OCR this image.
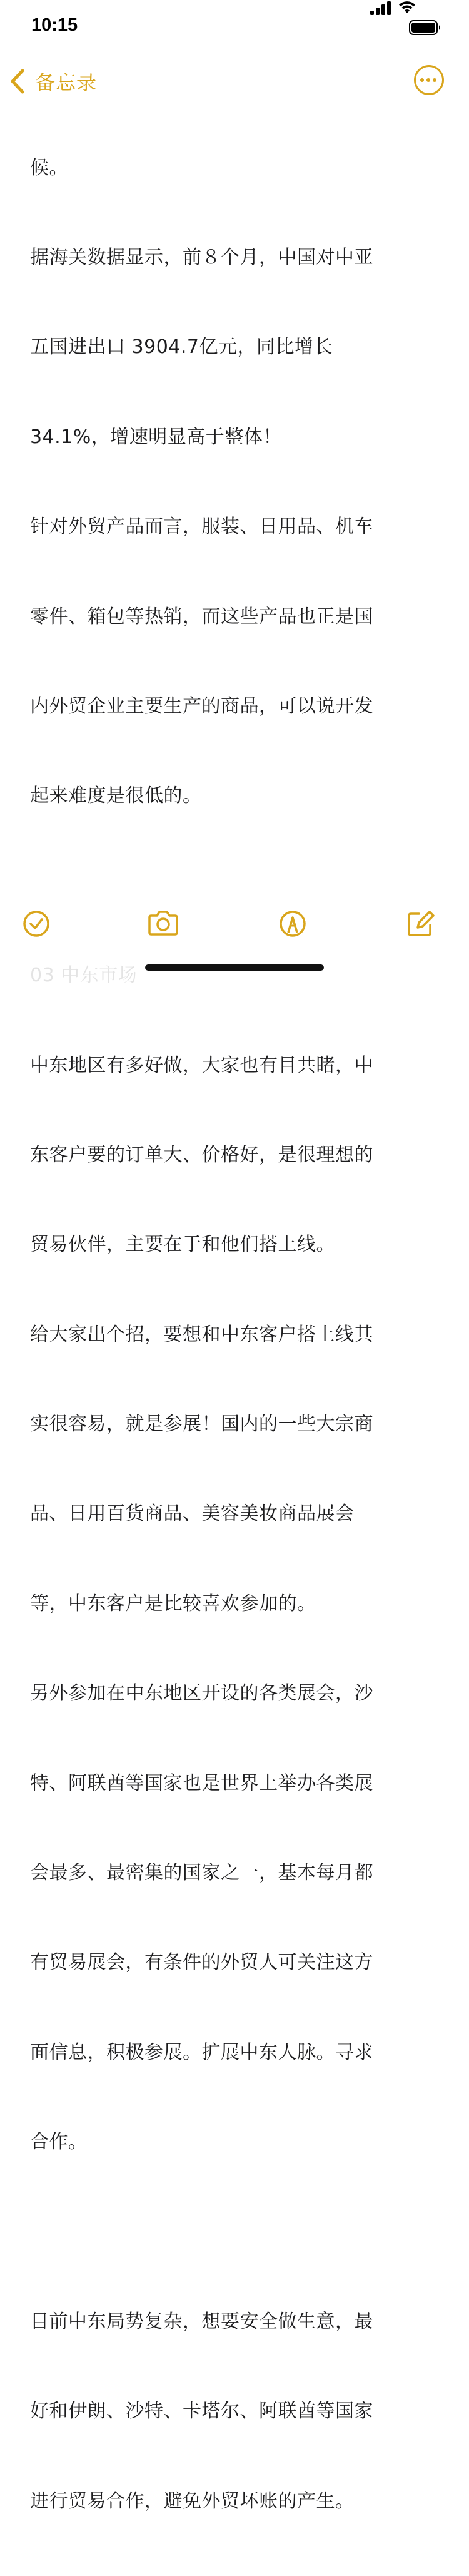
候。

据海关数据显示，前８个月，中国对中亚

五国进出口 3904.7亿元，同比增长

34.1%，增速明显高于整体！

针对外贸产品而言，服装、日用品、机车

零件、箱包等热销，而这些产品也正是国

内外贸企业主要生产的商品，可以说开发

起来难度是很低的。

中东地区有多好做，大家也有目共睹，中

东客户要的订单大、价格好，是很理想的

贸易伙伴，主要在于和他们搭上线。

给大家出个招，要想和中东客户搭上线其

实很容易，就是参展！国内的一些大宗商

品、日用百货商品、美容美妆商品展会

等，中东客户是比较喜欢参加的。

另外参加在中东地区开设的各类展会，沙

特、阿联酋等国家也是世界上举办各类展

会最多、最密集的国家之一，基本每月都

有贸易展会，有条件的外贸人可关注这方

面信息，积极参展。扩展中东人脉。寻求

合作。

目前中东局势复杂，想要安全做生意，最

好和伊朗、沙特、卡塔尔、阿联酋等国家

进行贸易合作，避免外贸坏账的产生。

10:15
备忘录
